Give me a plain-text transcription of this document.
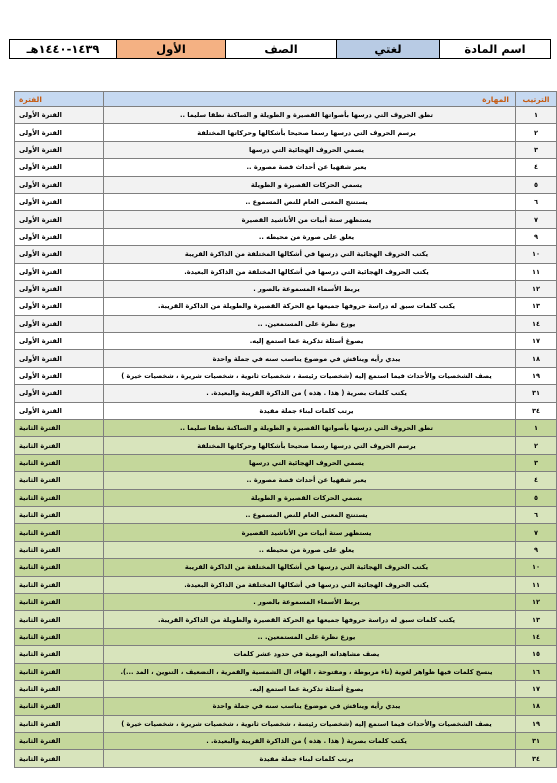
اسم المادة	لغتي	الصف	الأول	١٤٣٩-١٤٤٠هـ
الترتيب	المهارة	الفترة
١	تطق الحروف التي درسها بأصواتها القصيرة و الطويلة و الساكنة نطقا سليما ..	الفترة الأولى
٢	يرسم الحروف التي درسها رسما صحيحا بأشكالها وحركاتها المختلفة	الفترة الأولى
٣	يسمي الحروف الهجائية التي درسها	الفترة الأولى
٤	يعبر شفهيا عن أحداث قصة مصورة ..	الفترة الأولى
٥	يسمي الحركات القصيرة و الطويلة	الفترة الأولى
٦	يستنتج المعنى العام للنص المسموع ..	الفترة الأولى
٧	يستظهر ستة أبيات من الأناشيد القصيرة	الفترة الأولى
٩	يعلق على صورة من محيطه ..	الفترة الأولى
١٠	يكتب الحروف الهجائية التي درسها في أشكالها المختلفة من الذاكرة القريبة	الفترة الأولى
١١	يكتب الحروف الهجائية التي درسها في أشكالها المختلفة من الذاكرة البعيدة.	الفترة الأولى
١٢	يربط الأسماء المسموعة بالصور .	الفترة الأولى
١٣	يكتب كلمات سبق له دراسة حروفها جميعها مع الحركة القصيرة والطويلة من الذاكرة القريبة.	الفترة الأولى
١٤	يوزع نظرة على المستمعين. ..	الفترة الأولى
١٧	يصوغ أسئلة تذكرية عما استمع إليه.	الفترة الأولى
١٨	يبدي رأيه ويناقش في موضوع يناسب سنه في جملة واحدة	الفترة الأولى
١٩	يصف الشخصيات والأحداث فيما استمع إليه (شخصيات رئيسة ، شخصيات ثانوية ، شخصيات شريرة ، شخصيات خيرة )	الفترة الأولى
٣١	يكتب كلمات بصرية ( هذا . هذه ) من الذاكرة القريبة والبعيدة. .	الفترة الأولى
٣٤	يرتب كلمات لبناء جملة مفيدة	الفترة الأولى
١	تطق الحروف التي درسها بأصواتها القصيرة و الطويلة و الساكنة نطقا سليما ..	الفترة الثانية
٢	يرسم الحروف التي درسها رسما صحيحا بأشكالها وحركاتها المختلفة	الفترة الثانية
٣	يسمي الحروف الهجائية التي درسها	الفترة الثانية
٤	يعبر شفهيا عن أحداث قصة مصورة ..	الفترة الثانية
٥	يسمي الحركات القصيرة و الطويلة	الفترة الثانية
٦	يستنتج المعنى العام للنص المسموع ..	الفترة الثانية
٧	يستظهر ستة أبيات من الأناشيد القصيرة	الفترة الثانية
٩	يعلق على صورة من محيطه ..	الفترة الثانية
١٠	يكتب الحروف الهجائية التي درسها في أشكالها المختلفة من الذاكرة القريبة	الفترة الثانية
١١	يكتب الحروف الهجائية التي درسها في أشكالها المختلفة من الذاكرة البعيدة.	الفترة الثانية
١٢	يربط الأسماء المسموعة بالصور .	الفترة الثانية
١٣	يكتب كلمات سبق له دراسة حروفها جميعها مع الحركة القصيرة والطويلة من الذاكرة القريبة.	الفترة الثانية
١٤	يوزع نظرة على المستمعين. ..	الفترة الثانية
١٥	يصف مشاهداته اليومية في حدود عشر كلمات	الفترة الثانية
١٦	ينسخ كلمات فيها ظواهر لغوية (تاء مربوطة ، ومفتوحة ، الهاء، ال الشمسية والقمرية ، التضعيف ، التنوين ، المد ...).	الفترة الثانية
١٧	يصوغ أسئلة تذكرية عما استمع إليه.	الفترة الثانية
١٨	يبدي رأيه ويناقش في موضوع يناسب سنه في جملة واحدة	الفترة الثانية
١٩	يصف الشخصيات والأحداث فيما استمع إليه (شخصيات رئيسة ، شخصيات ثانوية ، شخصيات شريرة ، شخصيات خيرة )	الفترة الثانية
٣١	يكتب كلمات بصرية ( هذا . هذه ) من الذاكرة القريبة والبعيدة. .	الفترة الثانية
٣٤	يرتب كلمات لبناء جملة مفيدة	الفترة الثانية
